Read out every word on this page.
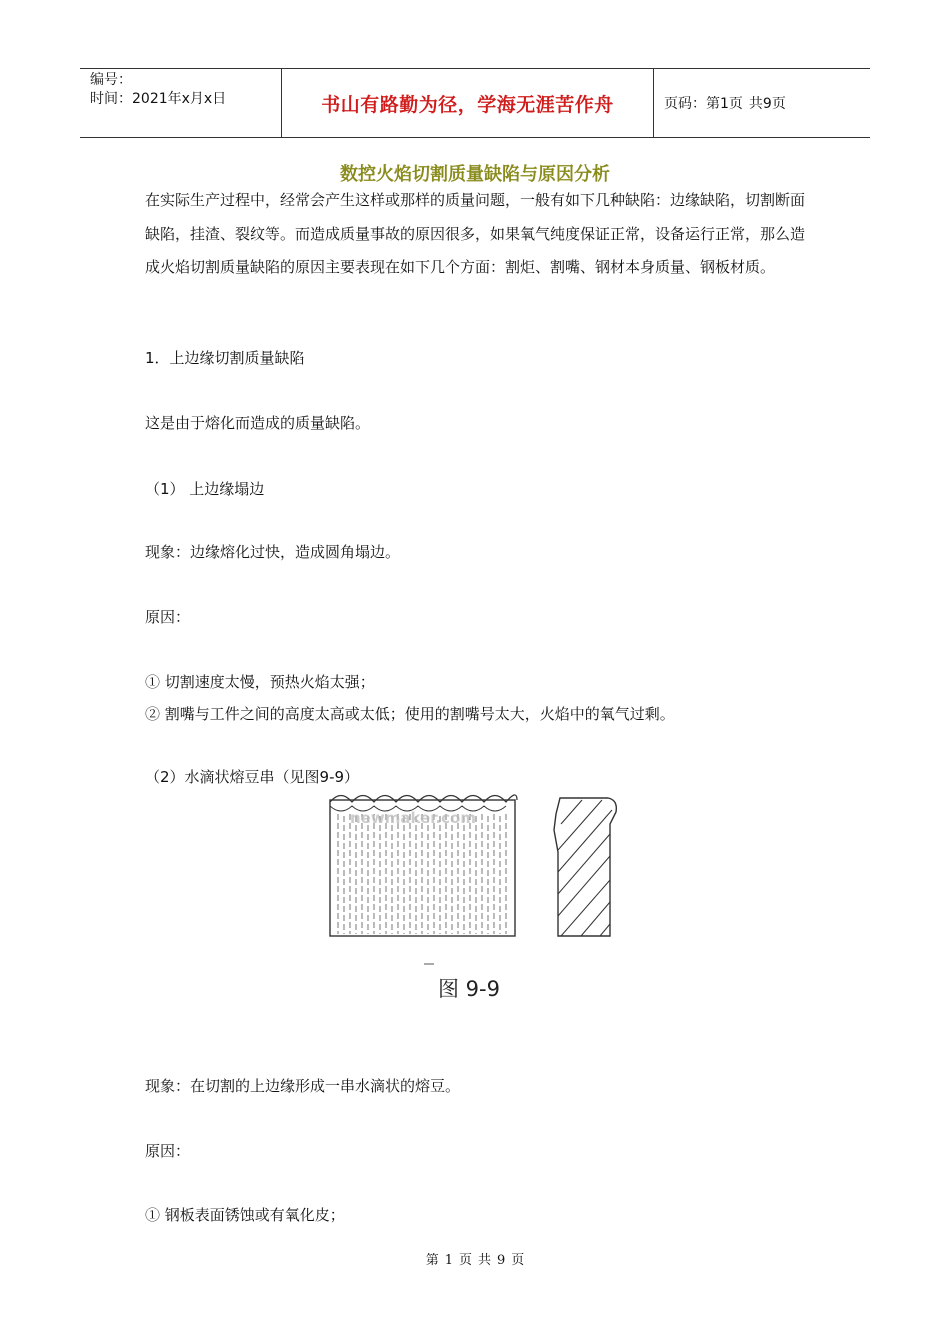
编号：
时间：2021年x月x日	书山有路勤为径，学海无涯苦作舟	页码：第1页 共9页
数控火焰切割质量缺陷与原因分析
在实际生产过程中，经常会产生这样或那样的质量问题，一般有如下几种缺陷：边缘缺陷，切割断面缺陷，挂渣、裂纹等。而造成质量事故的原因很多，如果氧气纯度保证正常，设备运行正常，那么造成火焰切割质量缺陷的原因主要表现在如下几个方面：割炬、割嘴、钢材本身质量、钢板材质。
1．上边缘切割质量缺陷
这是由于熔化而造成的质量缺陷。
（1） 上边缘塌边
现象：边缘熔化过快，造成圆角塌边。
原因：
① 切割速度太慢，预热火焰太强；
② 割嘴与工件之间的高度太高或太低；使用的割嘴号太大，火焰中的氧气过剩。
（2）水滴状熔豆串（见图9-9）
newmaker.com
图 9-9
现象：在切割的上边缘形成一串水滴状的熔豆。
原因：
① 钢板表面锈蚀或有氧化皮；
第 1 页 共 9 页
